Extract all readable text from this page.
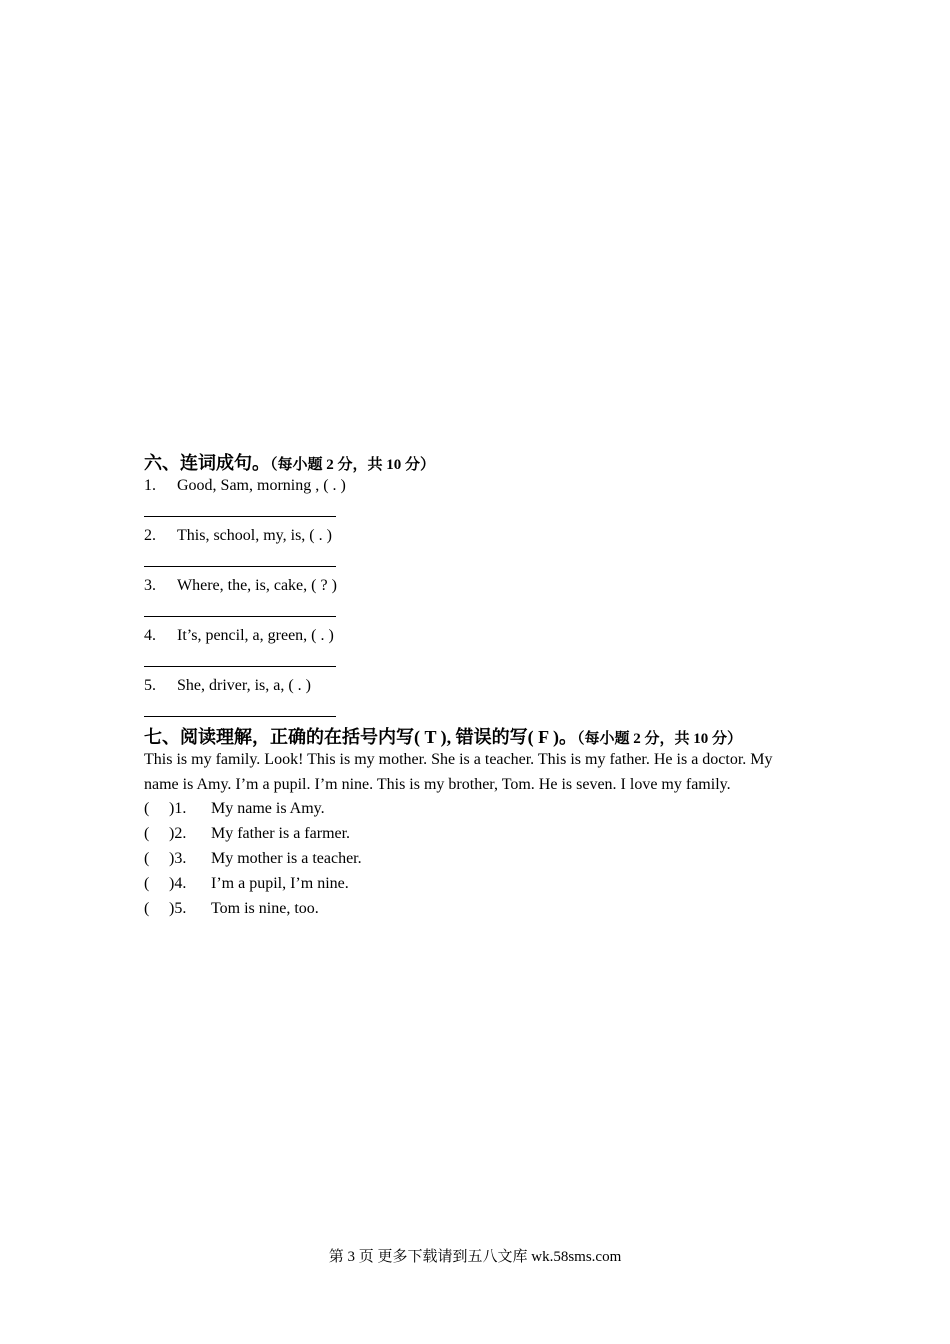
六、连词成句。（每小题 2 分，共 10 分）
1. Good, Sam, morning , ( . )
2. This, school, my, is, ( . )
3. Where, the, is, cake, ( ? )
4. It’s, pencil, a, green, ( . )
5. She, driver, is, a, ( . )
七、阅读理解，正确的在括号内写( T ), 错误的写( F )。（每小题 2 分，共 10 分）
This is my family. Look! This is my mother. She is a teacher. This is my father. He is a doctor. My
name is Amy. I’m a pupil. I’m nine. This is my brother, Tom. He is seven. I love my family.
( )1. My name is Amy.
( )2. My father is a farmer.
( )3. My mother is a teacher.
( )4. I’m a pupil, I’m nine.
( )5. Tom is nine, too.
第 3 页 更多下载请到五八文库 wk.58sms.com
